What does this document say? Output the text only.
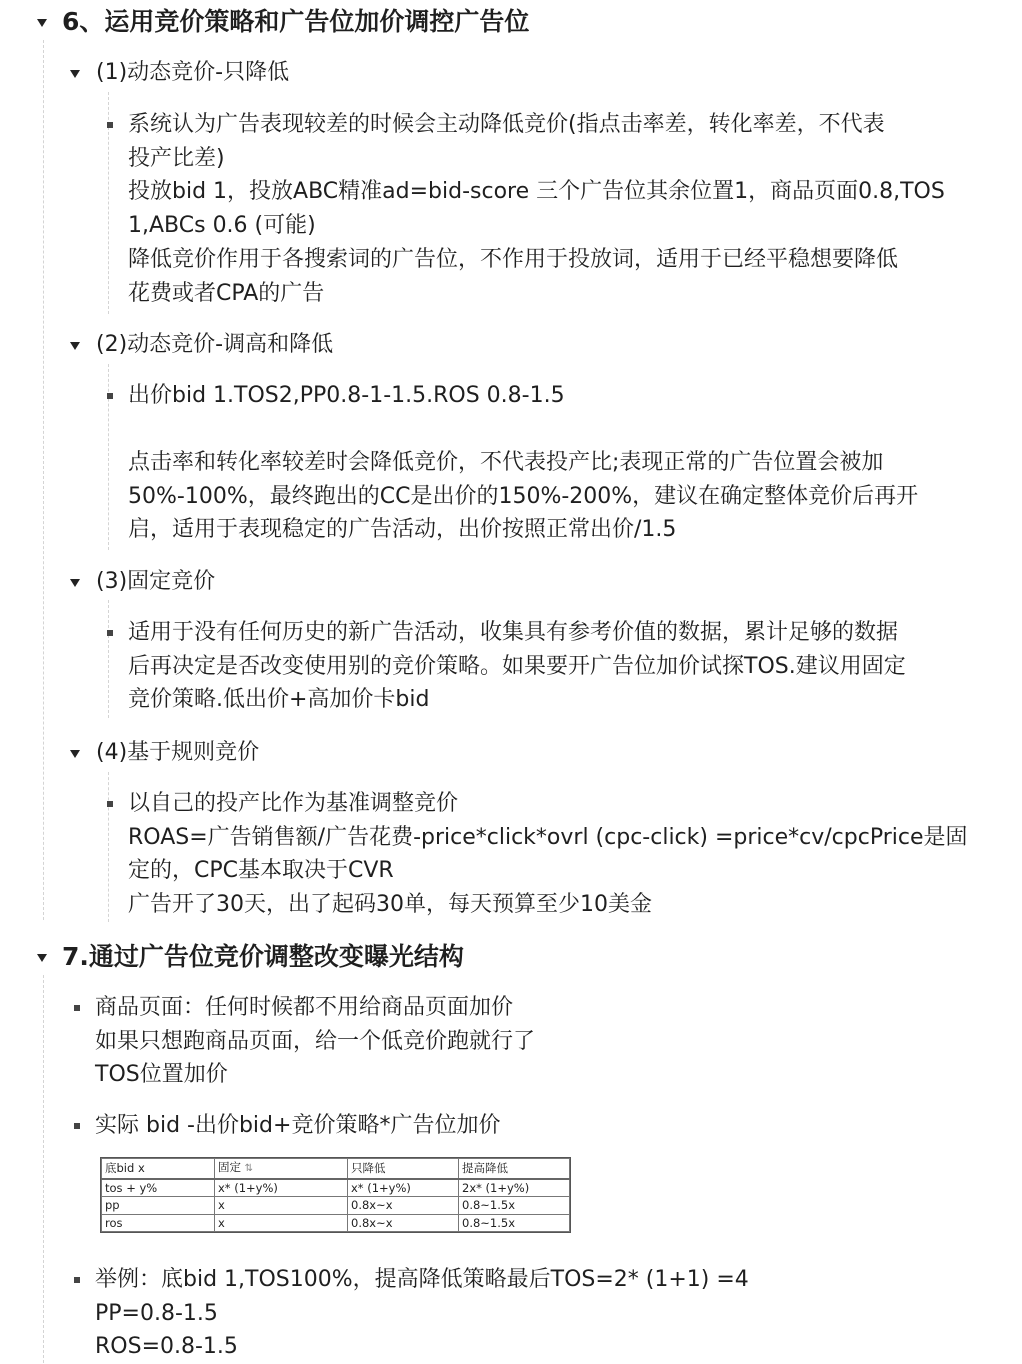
6、运用竞价策略和广告位加价调控广告位
(1)动态竞价-只降低
系统认为广告表现较差的时候会主动降低竞价(指点击率差，转化率差，不代表
投产比差)
投放bid 1，投放ABC精准ad=bid-score 三个广告位其余位置1，商品页面0.8,TOS
1,ABCs 0.6 (可能)
降低竞价作用于各搜索词的广告位，不作用于投放词，适用于已经平稳想要降低
花费或者CPA的广告
(2)动态竞价-调高和降低
出价bid 1.TOS2,PP0.8-1-1.5.ROS 0.8-1.5
点击率和转化率较差时会降低竞价，不代表投产比;表现正常的广告位置会被加
50%-100%，最终跑出的CC是出价的150%-200%，建议在确定整体竞价后再开
启，适用于表现稳定的广告活动，出价按照正常出价/1.5
(3)固定竞价
适用于没有任何历史的新广告活动，收集具有参考价值的数据，累计足够的数据
后再决定是否改变使用别的竞价策略。如果要开广告位加价试探TOS.建议用固定
竞价策略.低出价+高加价卡bid
(4)基于规则竞价
以自己的投产比作为基准调整竞价
ROAS=广告销售额/广告花费-price*click*ovrl (cpc-click) =price*cv/cpcPrice是固
定的，CPC基本取决于CVR
广告开了30天，出了起码30单，每天预算至少10美金
7.通过广告位竞价调整改变曝光结构
商品页面：任何时候都不用给商品页面加价
如果只想跑商品页面，给一个低竞价跑就行了
TOS位置加价
实际 bid -出价bid+竞价策略*广告位加价
底bid x	固定 ⇅	只降低	提高降低
tos + y%	x* (1+y%)	x* (1+y%)	2x* (1+y%)
pp	x	0.8x~x	0.8~1.5x
ros	x	0.8x~x	0.8~1.5x
举例：底bid 1,TOS100%，提高降低策略最后TOS=2* (1+1) =4
PP=0.8-1.5
ROS=0.8-1.5
